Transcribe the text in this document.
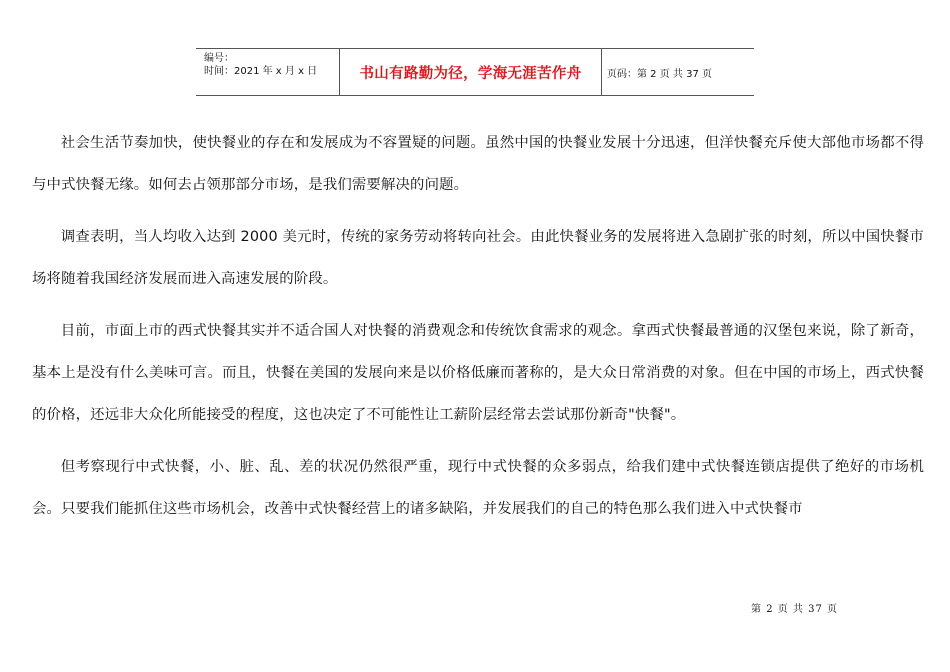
编号：
时间：2021 年 x 月 x 日	书山有路勤为径，学海无涯苦作舟	页码：第 2 页 共 37 页

社会生活节奏加快，使快餐业的存在和发展成为不容置疑的问题。虽然中国的快餐业发展十分迅速，但洋快餐充斥使大部他市场都不得与中式快餐无缘。如何去占领那部分市场，是我们需要解决的问题。

调查表明，当人均收入达到 2000 美元时，传统的家务劳动将转向社会。由此快餐业务的发展将进入急剧扩张的时刻，所以中国快餐市场将随着我国经济发展而进入高速发展的阶段。

目前，市面上市的西式快餐其实并不适合国人对快餐的消费观念和传统饮食需求的观念。拿西式快餐最普通的汉堡包来说，除了新奇，基本上是没有什么美味可言。而且，快餐在美国的发展向来是以价格低廉而著称的，是大众日常消费的对象。但在中国的市场上，西式快餐的价格，还远非大众化所能接受的程度，这也决定了不可能性让工薪阶层经常去尝试那份新奇"快餐"。

但考察现行中式快餐，小、脏、乱、差的状况仍然很严重，现行中式快餐的众多弱点，给我们建中式快餐连锁店提供了绝好的市场机会。只要我们能抓住这些市场机会，改善中式快餐经营上的诸多缺陷，并发展我们的自己的特色那么我们进入中式快餐市

第 2 页 共 37 页
